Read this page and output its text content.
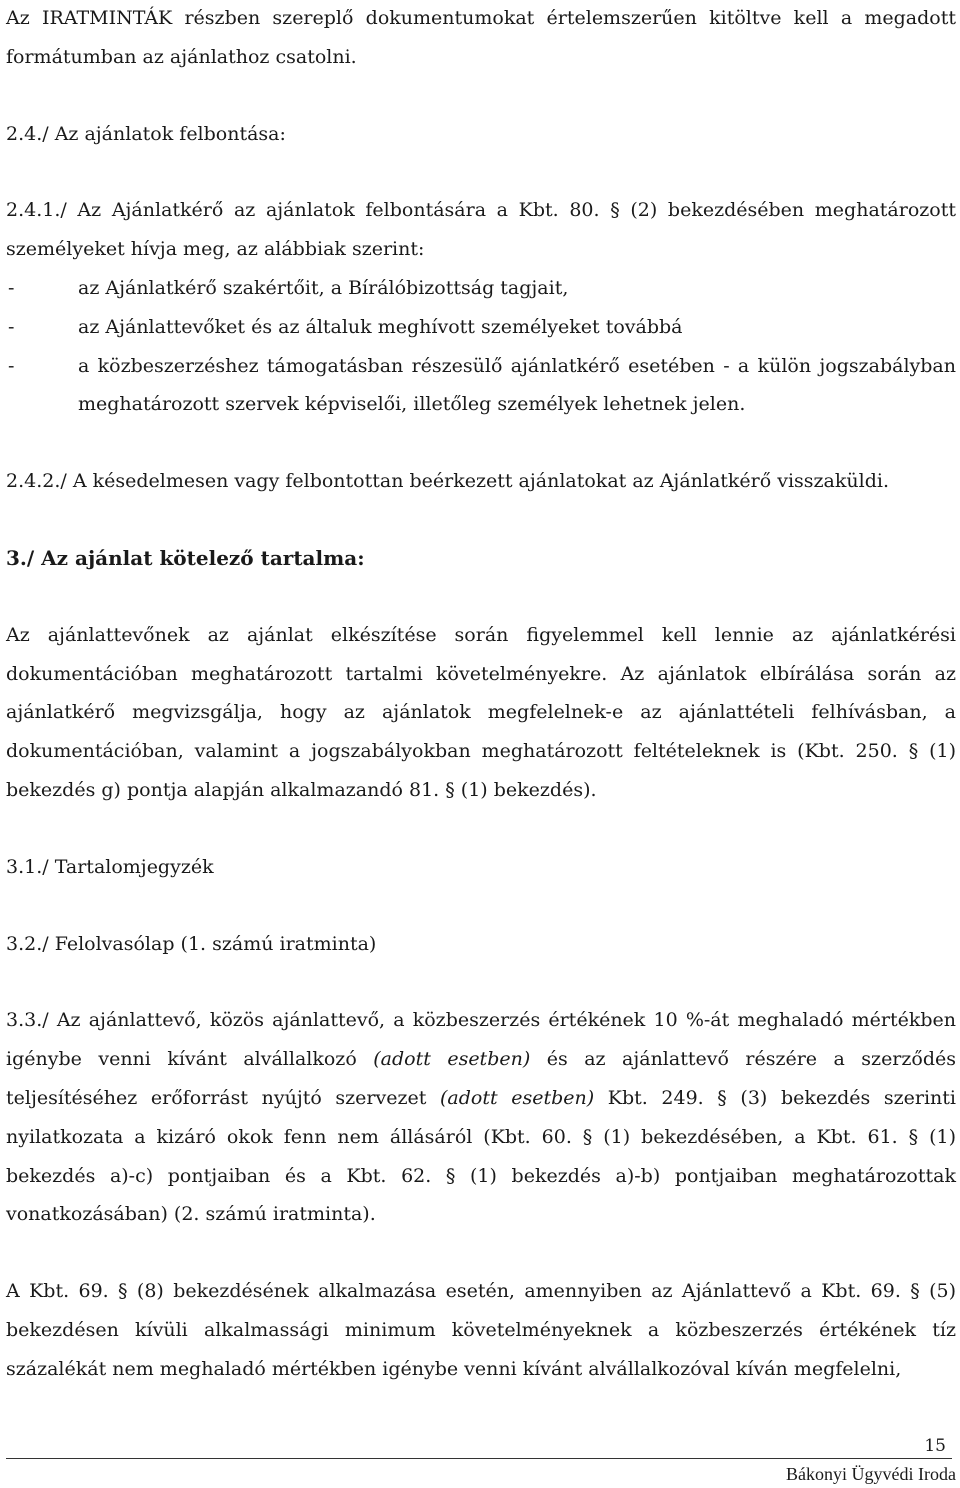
Az IRATMINTÁK részben szereplő dokumentumokat értelemszerűen kitöltve kell a megadott formátumban az ajánlathoz csatolni.

2.4./ Az ajánlatok felbontása:

2.4.1./ Az Ajánlatkérő az ajánlatok felbontására a Kbt. 80. § (2) bekezdésében meghatározott személyeket hívja meg, az alábbiak szerint:

-	az Ajánlatkérő szakértőit, a Bírálóbizottság tagjait,
-	az Ajánlattevőket és az általuk meghívott személyeket továbbá
-	a közbeszerzéshez támogatásban részesülő ajánlatkérő esetében - a külön jogszabályban meghatározott szervek képviselői, illetőleg személyek lehetnek jelen.

2.4.2./ A késedelmesen vagy felbontottan beérkezett ajánlatokat az Ajánlatkérő visszaküldi.

3./ Az ajánlat kötelező tartalma:

Az ajánlattevőnek az ajánlat elkészítése során figyelemmel kell lennie az ajánlatkérési dokumentációban meghatározott tartalmi követelményekre. Az ajánlatok elbírálása során az ajánlatkérő megvizsgálja, hogy az ajánlatok megfelelnek-e az ajánlattételi felhívásban, a dokumentációban, valamint a jogszabályokban meghatározott feltételeknek is (Kbt. 250. § (1) bekezdés g) pontja alapján alkalmazandó 81. § (1) bekezdés).

3.1./ Tartalomjegyzék

3.2./ Felolvasólap (1. számú iratminta)

3.3./ Az ajánlattevő, közös ajánlattevő, a közbeszerzés értékének 10 %-át meghaladó mértékben igénybe venni kívánt alvállalkozó (adott esetben) és az ajánlattevő részére a szerződés teljesítéséhez erőforrást nyújtó szervezet (adott esetben) Kbt. 249. § (3) bekezdés szerinti nyilatkozata a kizáró okok fenn nem állásáról (Kbt. 60. § (1) bekezdésében, a Kbt. 61. § (1) bekezdés a)-c) pontjaiban és a Kbt. 62. § (1) bekezdés a)-b) pontjaiban meghatározottak vonatkozásában) (2. számú iratminta).

A Kbt. 69. § (8) bekezdésének alkalmazása esetén, amennyiben az Ajánlattevő a Kbt. 69. § (5) bekezdésen kívüli alkalmassági minimum követelményeknek a közbeszerzés értékének tíz százalékát nem meghaladó mértékben igénybe venni kívánt alvállalkozóval kíván megfelelni,

15
Bákonyi Ügyvédi Iroda
